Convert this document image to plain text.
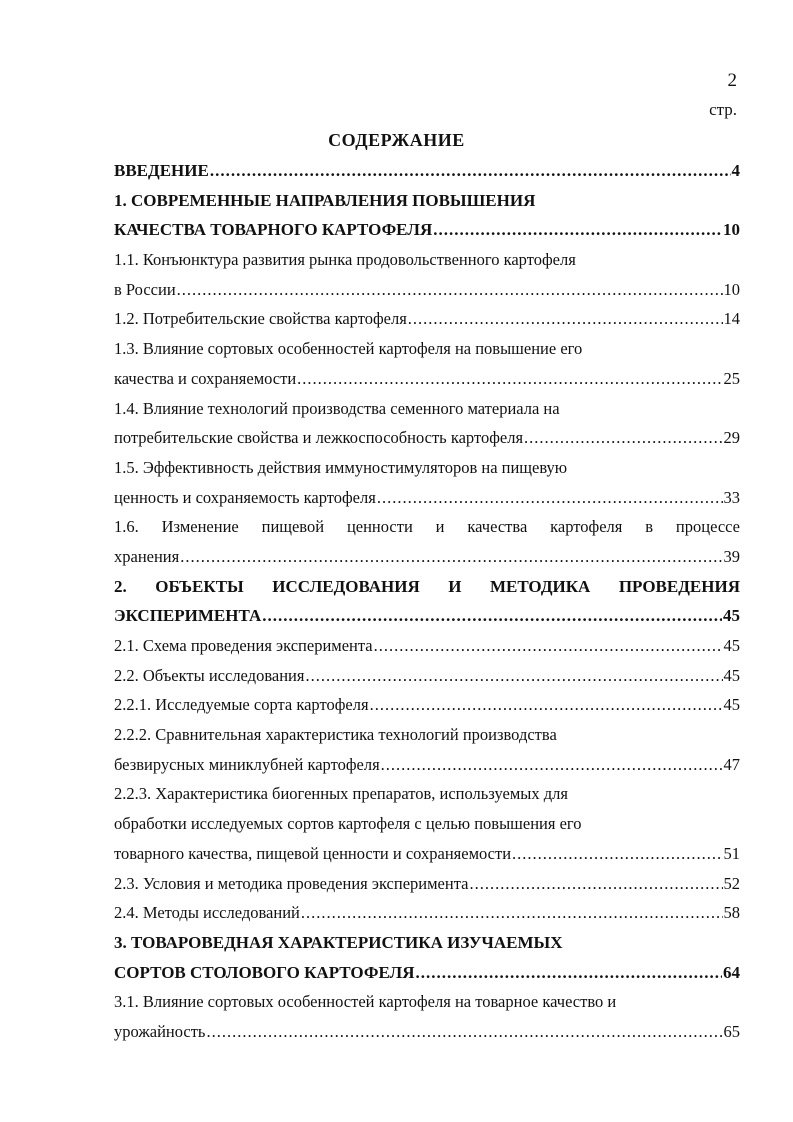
2
стр.
СОДЕРЖАНИЕ
ВВЕДЕНИЕ .....	4
1. СОВРЕМЕННЫЕ НАПРАВЛЕНИЯ ПОВЫШЕНИЯ
КАЧЕСТВА ТОВАРНОГО КАРТОФЕЛЯ .....	10
1.1. Конъюнктура развития рынка продовольственного картофеля
в России .....	10
1.2. Потребительские свойства картофеля .....	14
1.3. Влияние сортовых особенностей картофеля на повышение его
качества и сохраняемости .....	25
1.4. Влияние технологий производства семенного материала на
потребительские свойства и лежкоспособность картофеля .....	29
1.5. Эффективность действия иммуностимуляторов на пищевую
ценность и сохраняемость картофеля .....	33
1.6. Изменение пищевой ценности и качества картофеля в процессе
хранения .....	39
2. ОБЪЕКТЫ ИССЛЕДОВАНИЯ И МЕТОДИКА ПРОВЕДЕНИЯ
ЭКСПЕРИМЕНТА .....	45
2.1. Схема проведения эксперимента .....	45
2.2. Объекты исследования .....	45
2.2.1. Исследуемые сорта картофеля .....	45
2.2.2. Сравнительная характеристика технологий производства
безвирусных миниклубней картофеля .....	47
2.2.3. Характеристика биогенных препаратов, используемых для
обработки исследуемых сортов картофеля с целью повышения его
товарного качества, пищевой ценности и сохраняемости .....	51
2.3. Условия и методика проведения эксперимента .....	52
2.4. Методы исследований .....	58
3. ТОВАРОВЕДНАЯ ХАРАКТЕРИСТИКА ИЗУЧАЕМЫХ
СОРТОВ СТОЛОВОГО КАРТОФЕЛЯ .....	64
3.1. Влияние сортовых особенностей картофеля на товарное качество и
урожайность .....	65
